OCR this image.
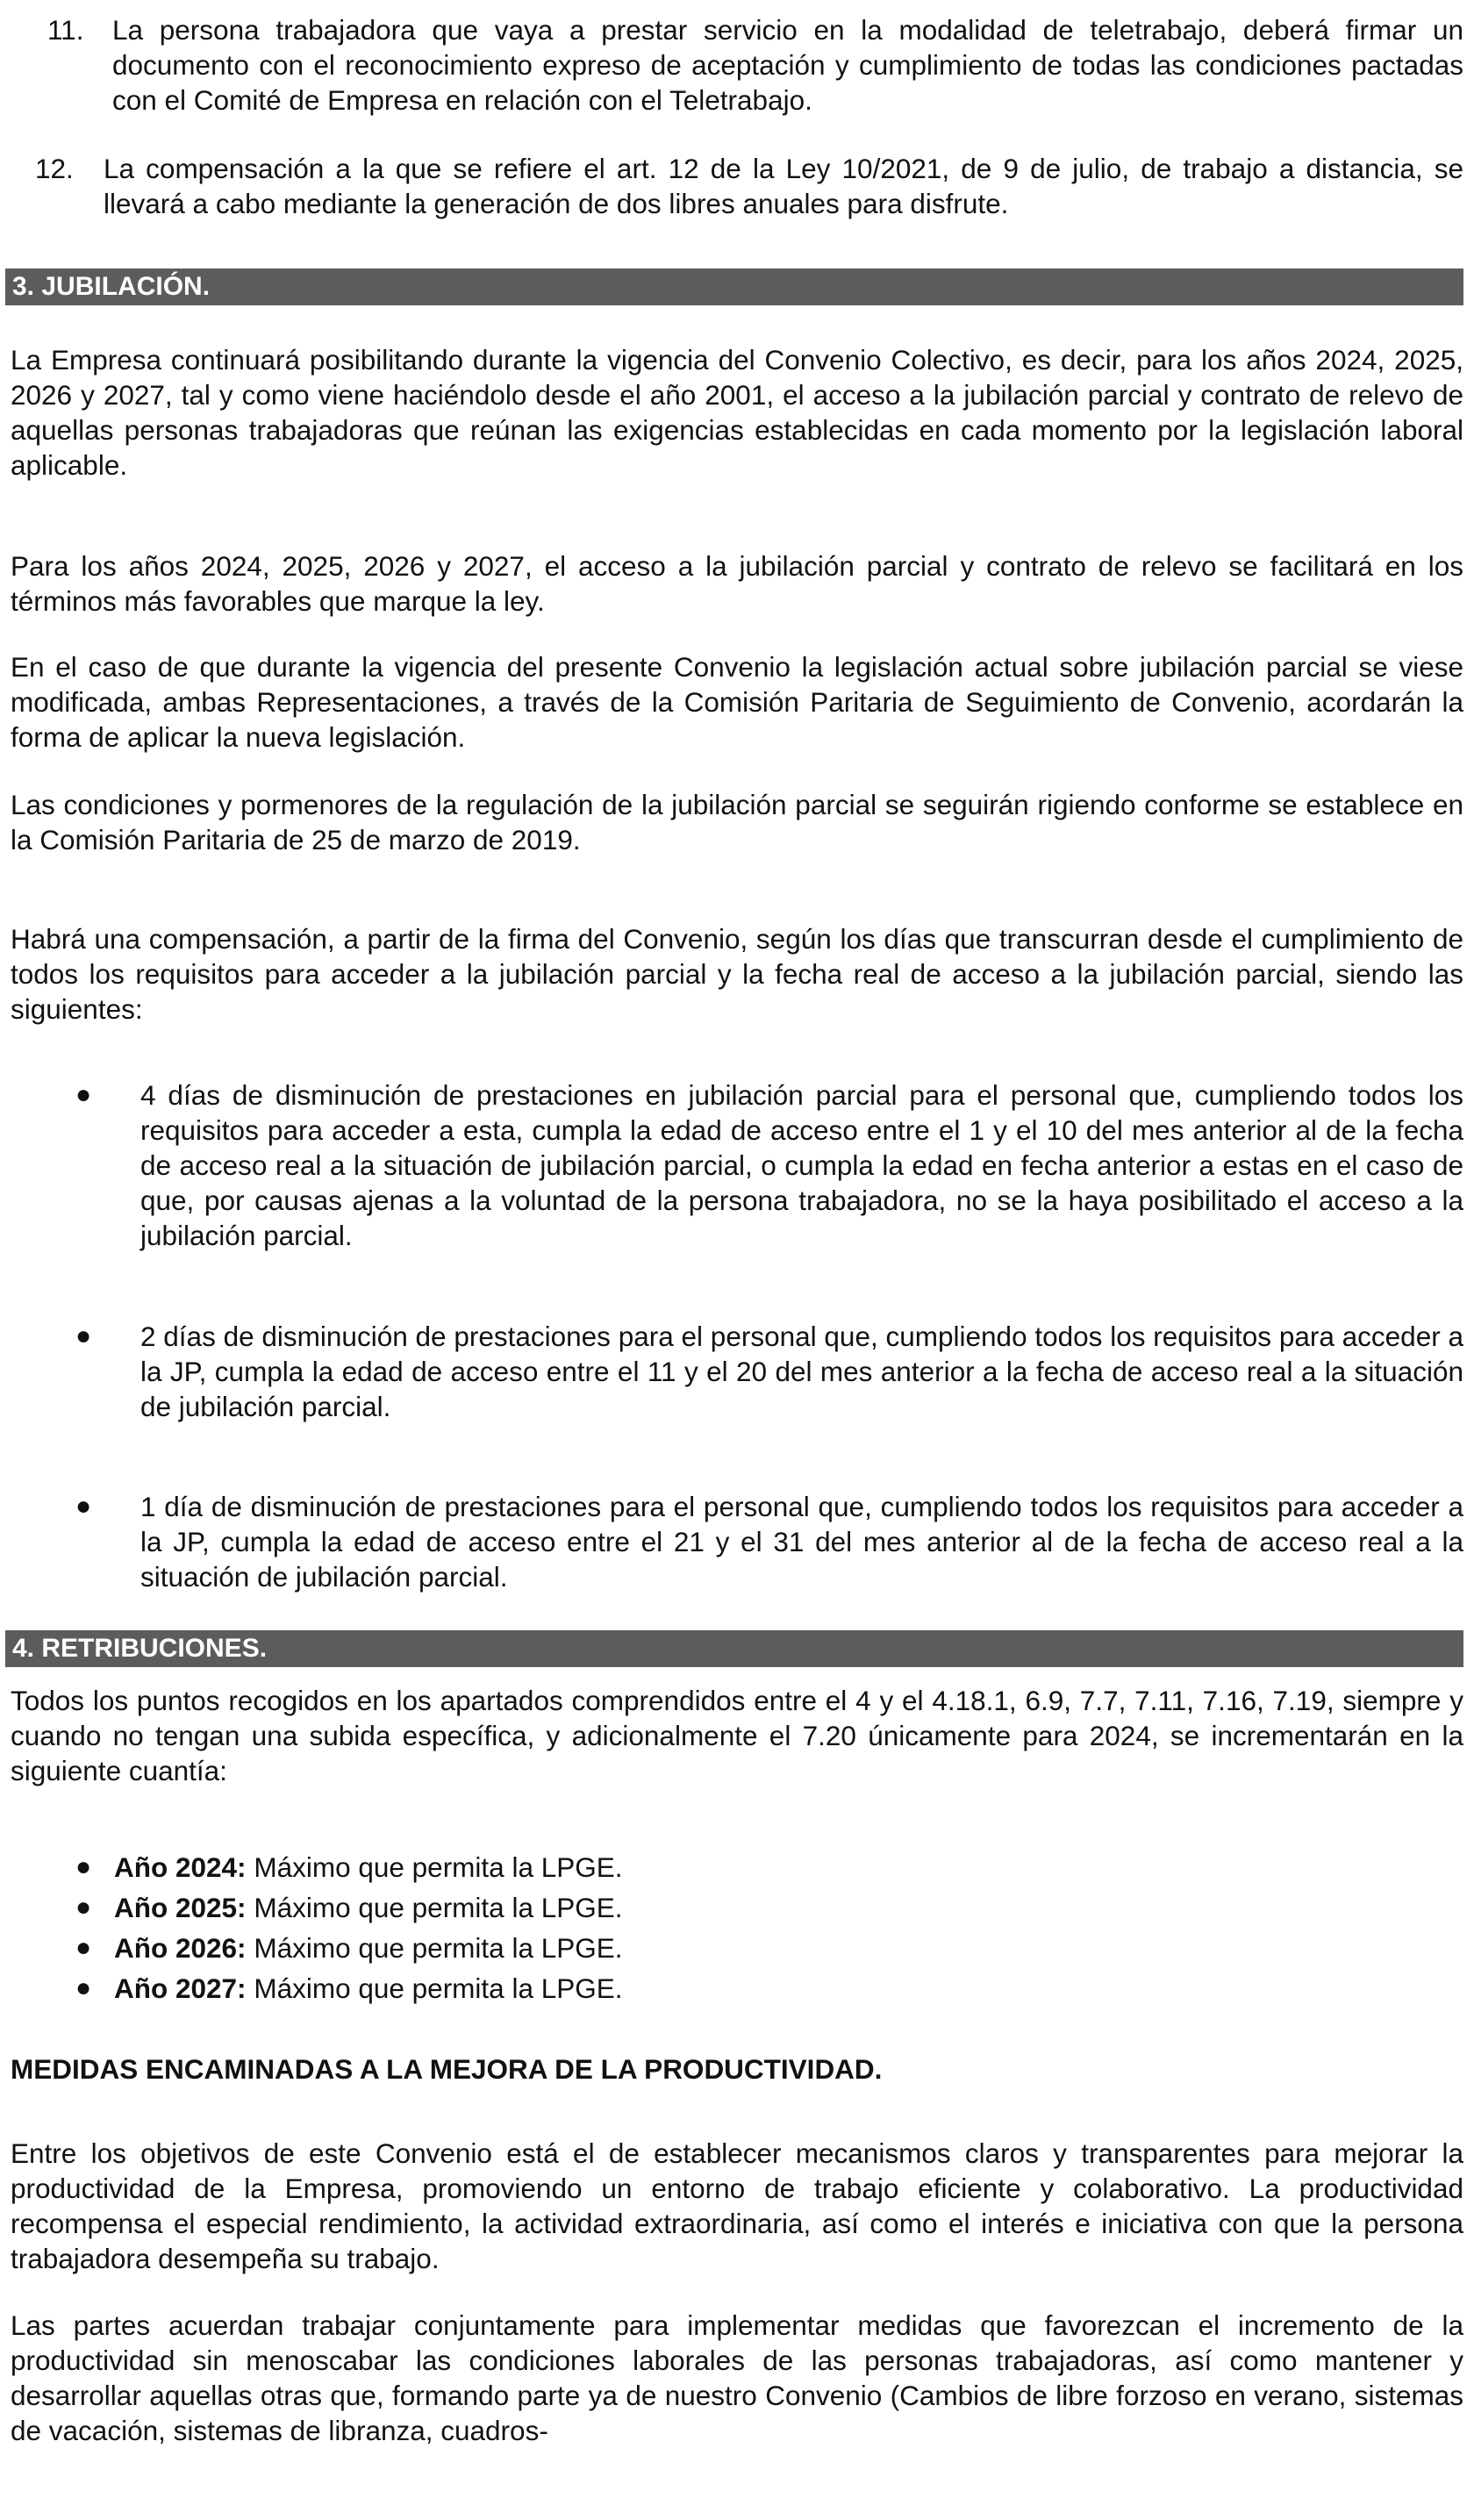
11. La persona trabajadora que vaya a prestar servicio en la modalidad de teletrabajo, deberá firmar un documento con el reconocimiento expreso de aceptación y cumplimiento de todas las condiciones pactadas con el Comité de Empresa en relación con el Teletrabajo.

12. La compensación a la que se refiere el art. 12 de la Ley 10/2021, de 9 de julio, de trabajo a distancia, se llevará a cabo mediante la generación de dos libres anuales para disfrute.

3. JUBILACIÓN.

La Empresa continuará posibilitando durante la vigencia del Convenio Colectivo, es decir, para los años 2024, 2025, 2026 y 2027, tal y como viene haciéndolo desde el año 2001, el acceso a la jubilación parcial y contrato de relevo de aquellas personas trabajadoras que reúnan las exigencias establecidas en cada momento por la legislación laboral aplicable.

Para los años 2024, 2025, 2026 y 2027, el acceso a la jubilación parcial y contrato de relevo se facilitará en los términos más favorables que marque la ley.

En el caso de que durante la vigencia del presente Convenio la legislación actual sobre jubilación parcial se viese modificada, ambas Representaciones, a través de la Comisión Paritaria de Seguimiento de Convenio, acordarán la forma de aplicar la nueva legislación.

Las condiciones y pormenores de la regulación de la jubilación parcial se seguirán rigiendo conforme se establece en la Comisión Paritaria de 25 de marzo de 2019.

Habrá una compensación, a partir de la firma del Convenio, según los días que transcurran desde el cumplimiento de todos los requisitos para acceder a la jubilación parcial y la fecha real de acceso a la jubilación parcial, siendo las siguientes:

● 4 días de disminución de prestaciones en jubilación parcial para el personal que, cumpliendo todos los requisitos para acceder a esta, cumpla la edad de acceso entre el 1 y el 10 del mes anterior al de la fecha de acceso real a la situación de jubilación parcial, o cumpla la edad en fecha anterior a estas en el caso de que, por causas ajenas a la voluntad de la persona trabajadora, no se la haya posibilitado el acceso a la jubilación parcial.

● 2 días de disminución de prestaciones para el personal que, cumpliendo todos los requisitos para acceder a la JP, cumpla la edad de acceso entre el 11 y el 20 del mes anterior a la fecha de acceso real a la situación de jubilación parcial.

● 1 día de disminución de prestaciones para el personal que, cumpliendo todos los requisitos para acceder a la JP, cumpla la edad de acceso entre el 21 y el 31 del mes anterior al de la fecha de acceso real a la situación de jubilación parcial.

4. RETRIBUCIONES.

Todos los puntos recogidos en los apartados comprendidos entre el 4 y el 4.18.1, 6.9, 7.7, 7.11, 7.16, 7.19, siempre y cuando no tengan una subida específica, y adicionalmente el 7.20 únicamente para 2024, se incrementarán en la siguiente cuantía:

● Año 2024: Máximo que permita la LPGE.
● Año 2025: Máximo que permita la LPGE.
● Año 2026: Máximo que permita la LPGE.
● Año 2027: Máximo que permita la LPGE.
MEDIDAS ENCAMINADAS A LA MEJORA DE LA PRODUCTIVIDAD.

Entre los objetivos de este Convenio está el de establecer mecanismos claros y transparentes para mejorar la productividad de la Empresa, promoviendo un entorno de trabajo eficiente y colaborativo. La productividad recompensa el especial rendimiento, la actividad extraordinaria, así como el interés e iniciativa con que la persona trabajadora desempeña su trabajo.

Las partes acuerdan trabajar conjuntamente para implementar medidas que favorezcan el incremento de la productividad sin menoscabar las condiciones laborales de las personas trabajadoras, así como mantener y desarrollar aquellas otras que, formando parte ya de nuestro Convenio (Cambios de libre forzoso en verano, sistemas de vacación, sistemas de libranza, cuadros-
